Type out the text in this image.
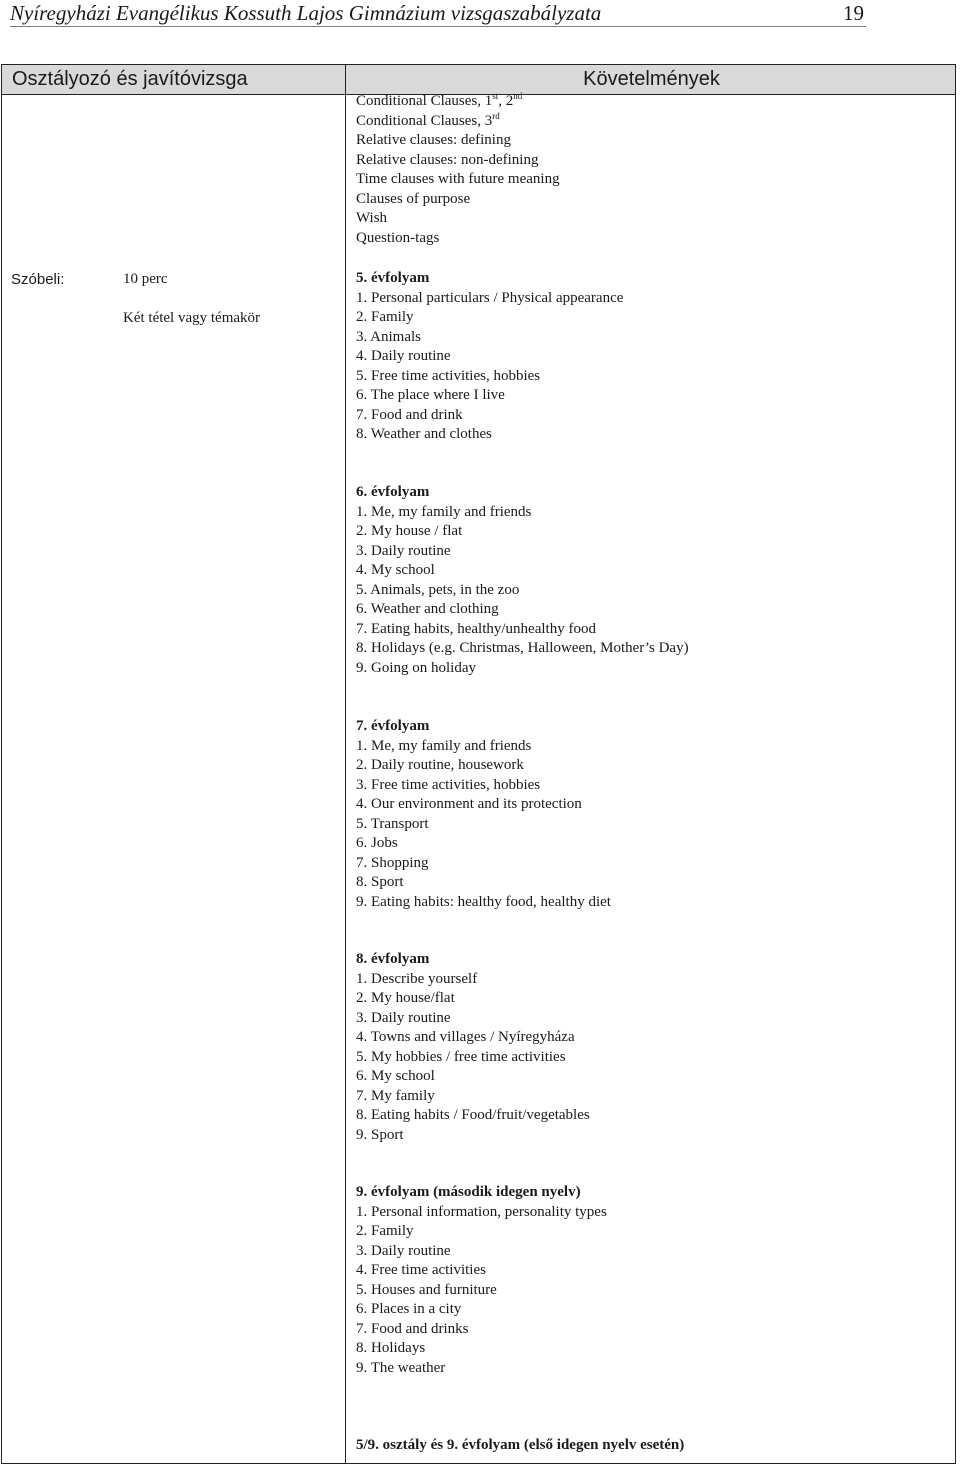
Nyíregyházi Evangélikus Kossuth Lajos Gimnázium vizsgaszabályzata	19
Osztályozó és javítóvizsga	Követelmények
Szóbeli:	10 perc
Két tétel vagy témakör
Conditional Clauses, 1st, 2nd
Conditional Clauses, 3rd
Relative clauses: defining
Relative clauses: non-defining
Time clauses with future meaning
Clauses of purpose
Wish
Question-tags
5. évfolyam
1. Personal particulars / Physical appearance
2. Family
3. Animals
4. Daily routine
5. Free time activities, hobbies
6. The place where I live
7. Food and drink
8. Weather and clothes
6. évfolyam
1. Me, my family and friends
2. My house / flat
3. Daily routine
4. My school
5. Animals, pets, in the zoo
6. Weather and clothing
7. Eating habits, healthy/unhealthy food
8. Holidays (e.g. Christmas, Halloween, Mother’s Day)
9. Going on holiday
7. évfolyam
1. Me, my family and friends
2. Daily routine, housework
3. Free time activities, hobbies
4. Our environment and its protection
5. Transport
6. Jobs
7. Shopping
8. Sport
9. Eating habits: healthy food, healthy diet
8. évfolyam
1. Describe yourself
2. My house/flat
3. Daily routine
4. Towns and villages / Nyíregyháza
5. My hobbies / free time activities
6. My school
7. My family
8. Eating habits / Food/fruit/vegetables
9. Sport
9. évfolyam (második idegen nyelv)
1. Personal information, personality types
2. Family
3. Daily routine
4. Free time activities
5. Houses and furniture
6. Places in a city
7. Food and drinks
8. Holidays
9. The weather
5/9. osztály és 9. évfolyam (első idegen nyelv esetén)
